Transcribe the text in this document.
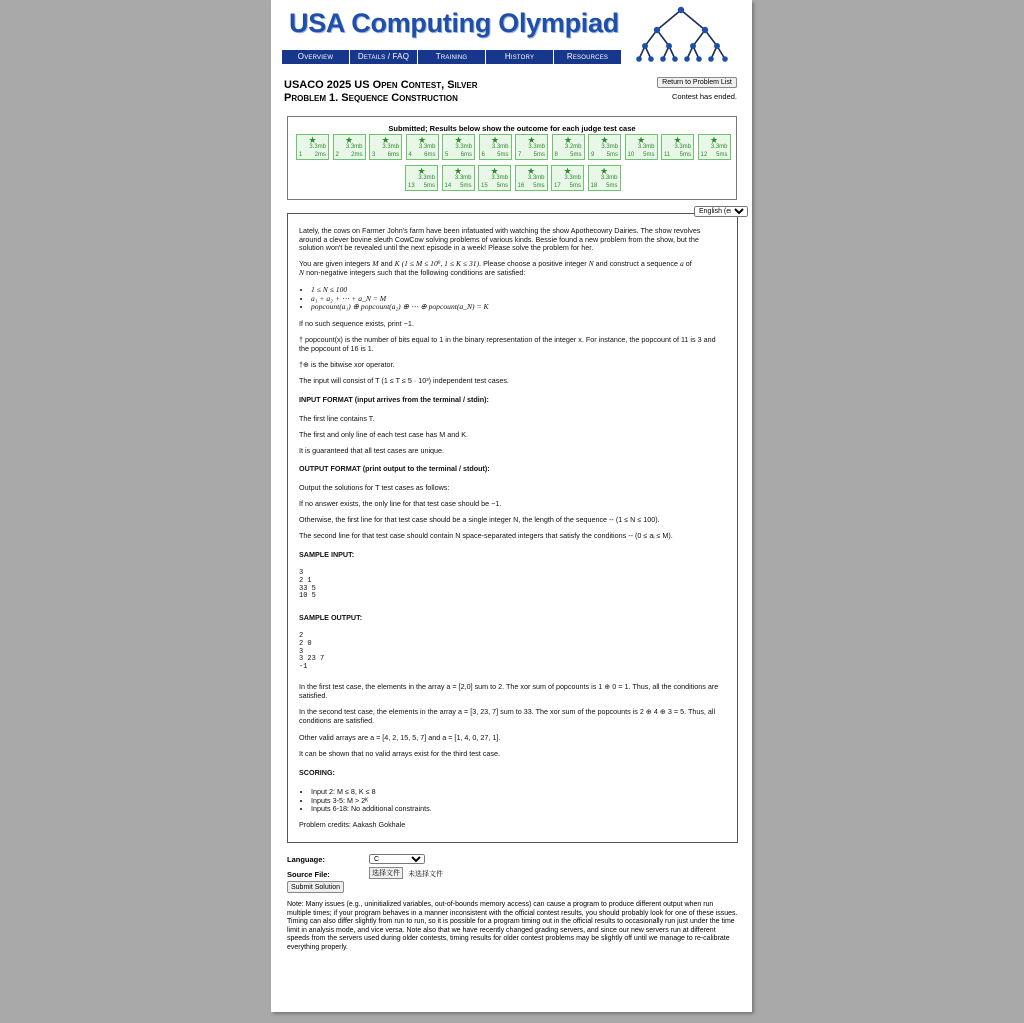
USA Computing Olympiad
Overview	Details / FAQ	Training	History	Resources
USACO 2025 US Open Contest, Silver
Problem 1. Sequence Construction
Return to Problem List
Contest has ended.
Submitted; Results below show the outcome for each judge test case
★
3.3mb
1 2ms
★
3.3mb
2 2ms
★
3.3mb
3 6ms
★
3.3mb
4 6ms
★
3.3mb
5 6ms
★
3.3mb
6 5ms
★
3.3mb
7 5ms
★
3.2mb
8 5ms
★
3.3mb
9 5ms
★
3.3mb
10 5ms
★
3.3mb
11 5ms
★
3.3mb
12 5ms
★
3.3mb
13 5ms
★
3.3mb
14 5ms
★
3.3mb
15 5ms
★
3.3mb
16 5ms
★
3.3mb
17 5ms
★
3.3mb
18 5ms
English (en)
Lately, the cows on Farmer John's farm have been infatuated with watching the show Apothecowry Dairies. The show revolves around a clever bovine sleuth CowCow solving problems of various kinds. Bessie found a new problem from the show, but the solution won't be revealed until the next episode in a week! Please solve the problem for her.
You are given integers M and K (1 ≤ M ≤ 10⁹, 1 ≤ K ≤ 31). Please choose a positive integer N and construct a sequence a of
N non-negative integers such that the following conditions are satisfied:
• 1 ≤ N ≤ 100
• a₁ + a₂ + ⋯ + a_N = M
• popcount(a₁) ⊕ popcount(a₂) ⊕ ⋯ ⊕ popcount(a_N) = K
If no such sequence exists, print −1.
† popcount(x) is the number of bits equal to 1 in the binary representation of the integer x. For instance, the popcount of 11 is 3 and the popcount of 16 is 1.
†⊕ is the bitwise xor operator.
The input will consist of T (1 ≤ T ≤ 5 · 10³) independent test cases.
INPUT FORMAT (input arrives from the terminal / stdin):
The first line contains T.
The first and only line of each test case has M and K.
It is guaranteed that all test cases are unique.
OUTPUT FORMAT (print output to the terminal / stdout):
Output the solutions for T test cases as follows:
If no answer exists, the only line for that test case should be −1.
Otherwise, the first line for that test case should be a single integer N, the length of the sequence -- (1 ≤ N ≤ 100).
The second line for that test case should contain N space-separated integers that satisfy the conditions -- (0 ≤ aᵢ ≤ M).
SAMPLE INPUT:
3
2 1
33 5
10 5
SAMPLE OUTPUT:
2
2 0
3
3 23 7
-1
In the first test case, the elements in the array a = [2,0] sum to 2. The xor sum of popcounts is 1 ⊕ 0 = 1. Thus, all the conditions are satisfied.
In the second test case, the elements in the array a = [3, 23, 7] sum to 33. The xor sum of the popcounts is 2 ⊕ 4 ⊕ 3 = 5. Thus, all conditions are satisfied.
Other valid arrays are a = [4, 2, 15, 5, 7] and a = [1, 4, 0, 27, 1].
It can be shown that no valid arrays exist for the third test case.
SCORING:
• Input 2: M ≤ 8, K ≤ 8
• Inputs 3-5: M > 2ᴷ
• Inputs 6-18: No additional constraints.
Problem credits: Aakash Gokhale
Language:
C
Source File:	选择文件	未选择文件
Submit Solution
Note: Many issues (e.g., uninitialized variables, out-of-bounds memory access) can cause a program to produce different output when run multiple times; if your program behaves in a manner inconsistent with the official contest results, you should probably look for one of these issues. Timing can also differ slightly from run to run, so it is possible for a program timing out in the official results to occasionally run just under the time limit in analysis mode, and vice versa. Note also that we have recently changed grading servers, and since our new servers run at different speeds from the servers used during older contests, timing results for older contest problems may be slightly off until we manage to re-calibrate everything properly.
